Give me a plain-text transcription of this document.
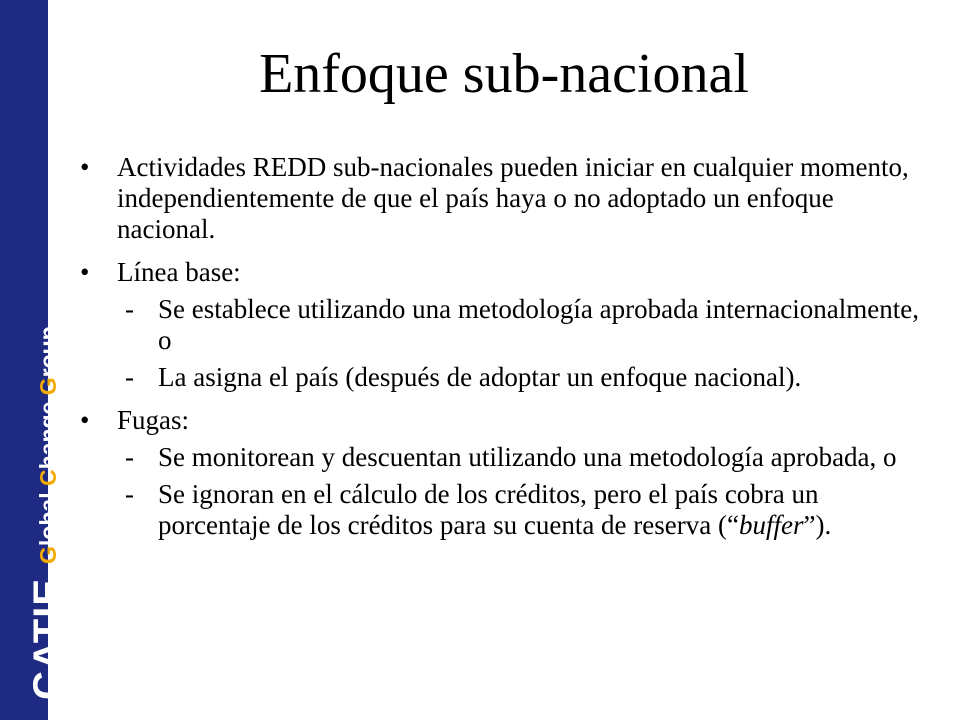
CATIE
Global Change Group
Enfoque sub-nacional
•	Actividades REDD sub-nacionales pueden iniciar en cualquier momento, independientemente de que el país haya o no adoptado un enfoque nacional.
•	Línea base:
- Se establece utilizando una metodología aprobada internacionalmente, o
- La asigna el país (después de adoptar un enfoque nacional).
•	Fugas:
- Se monitorean y descuentan utilizando una metodología aprobada, o
- Se ignoran en el cálculo de los créditos, pero el país cobra un porcentaje de los créditos para su cuenta de reserva (“buffer”).
